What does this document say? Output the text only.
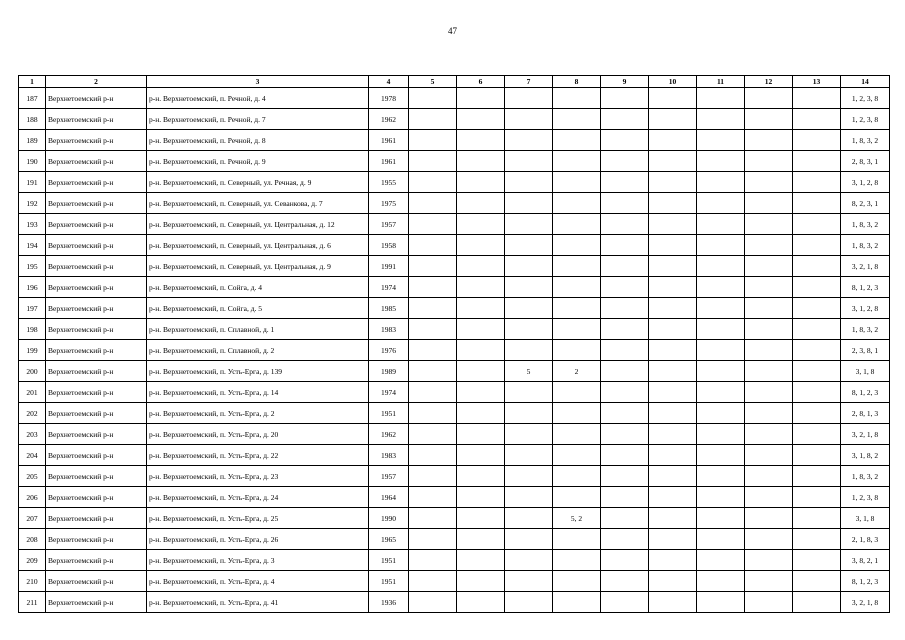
47
1	2	3	4	5	6	7	8	9	10	11	12	13	14
187	Верхнетоемский р-н	р-н. Верхнетоемский, п. Речной, д. 4	1978										1, 2, 3, 8
188	Верхнетоемский р-н	р-н. Верхнетоемский, п. Речной, д. 7	1962										1, 2, 3, 8
189	Верхнетоемский р-н	р-н. Верхнетоемский, п. Речной, д. 8	1961										1, 8, 3, 2
190	Верхнетоемский р-н	р-н. Верхнетоемский, п. Речной, д. 9	1961										2, 8, 3, 1
191	Верхнетоемский р-н	р-н. Верхнетоемский, п. Северный, ул. Речная, д. 9	1955										3, 1, 2, 8
192	Верхнетоемский р-н	р-н. Верхнетоемский, п. Северный, ул. Севанкова, д. 7	1975										8, 2, 3, 1
193	Верхнетоемский р-н	р-н. Верхнетоемский, п. Северный, ул. Центральная, д. 12	1957										1, 8, 3, 2
194	Верхнетоемский р-н	р-н. Верхнетоемский, п. Северный, ул. Центральная, д. 6	1958										1, 8, 3, 2
195	Верхнетоемский р-н	р-н. Верхнетоемский, п. Северный, ул. Центральная, д. 9	1991										3, 2, 1, 8
196	Верхнетоемский р-н	р-н. Верхнетоемский, п. Сойга, д. 4	1974										8, 1, 2, 3
197	Верхнетоемский р-н	р-н. Верхнетоемский, п. Сойга, д. 5	1985										3, 1, 2, 8
198	Верхнетоемский р-н	р-н. Верхнетоемский, п. Сплавной, д. 1	1983										1, 8, 3, 2
199	Верхнетоемский р-н	р-н. Верхнетоемский, п. Сплавной, д. 2	1976										2, 3, 8, 1
200	Верхнетоемский р-н	р-н. Верхнетоемский, п. Усть-Ерга, д. 139	1989			5	2						3, 1, 8
201	Верхнетоемский р-н	р-н. Верхнетоемский, п. Усть-Ерга, д. 14	1974										8, 1, 2, 3
202	Верхнетоемский р-н	р-н. Верхнетоемский, п. Усть-Ерга, д. 2	1951										2, 8, 1, 3
203	Верхнетоемский р-н	р-н. Верхнетоемский, п. Усть-Ерга, д. 20	1962										3, 2, 1, 8
204	Верхнетоемский р-н	р-н. Верхнетоемский, п. Усть-Ерга, д. 22	1983										3, 1, 8, 2
205	Верхнетоемский р-н	р-н. Верхнетоемский, п. Усть-Ерга, д. 23	1957										1, 8, 3, 2
206	Верхнетоемский р-н	р-н. Верхнетоемский, п. Усть-Ерга, д. 24	1964										1, 2, 3, 8
207	Верхнетоемский р-н	р-н. Верхнетоемский, п. Усть-Ерга, д. 25	1990				5, 2						3, 1, 8
208	Верхнетоемский р-н	р-н. Верхнетоемский, п. Усть-Ерга, д. 26	1965										2, 1, 8, 3
209	Верхнетоемский р-н	р-н. Верхнетоемский, п. Усть-Ерга, д. 3	1951										3, 8, 2, 1
210	Верхнетоемский р-н	р-н. Верхнетоемский, п. Усть-Ерга, д. 4	1951										8, 1, 2, 3
211	Верхнетоемский р-н	р-н. Верхнетоемский, п. Усть-Ерга, д. 41	1936										3, 2, 1, 8
